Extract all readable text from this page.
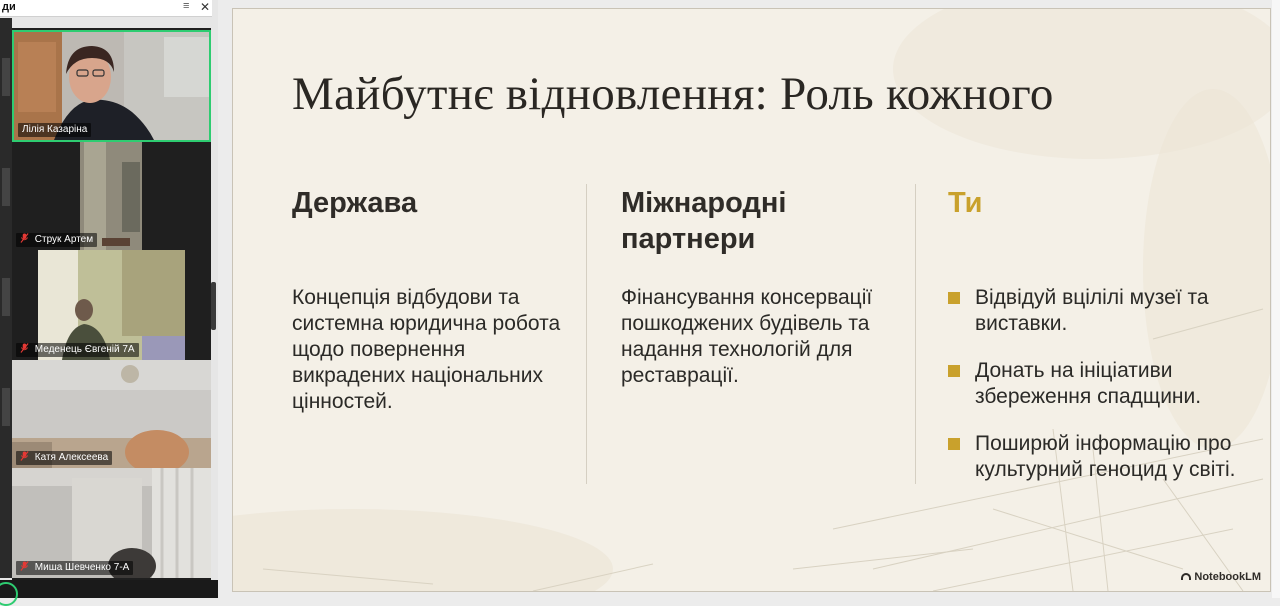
ди	≡ ✕
Лілія Казаріна
Струк Артем
Меденець Євгеній 7А
Катя Алексеева
Миша Шевченко 7-А
Майбутнє відновлення: Роль кожного
Держава

Концепція відбудови та системна юридична робота щодо повернення викрадених національних цінностей.

Міжнародні партнери

Фінансування консервації пошкоджених будівель та надання технологій для реставрації.

Ти
Відвідуй вцілілі музеї та виставки.
Донать на ініціативи збереження спадщини.
Поширюй інформацію про культурний геноцид у світі.
NotebookLM
